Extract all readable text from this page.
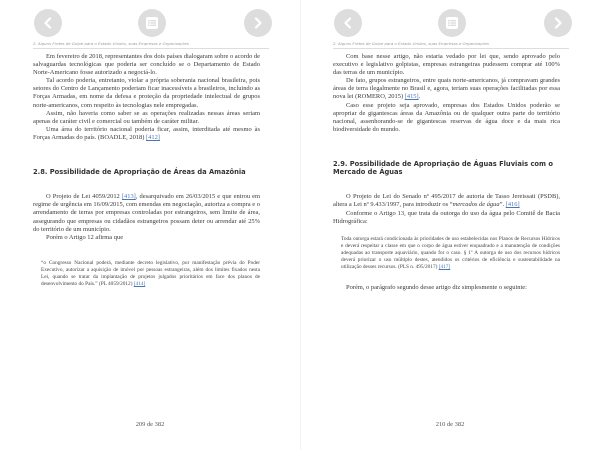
2. Alguns Fretes de Golpe para o Estado Unidos, suas Empresas e Organizações

Em fevereiro de 2018, representantes dos dois países dialogaram sobre o acordo de salvaguardas tecnológicas que poderia ser concluído se o Departamento de Estado Norte-Americano fosse autorizado a negociá-lo.

Tal acordo poderia, entretanto, violar a própria soberania nacional brasileira, pois setores do Centro de Lançamento poderiam ficar inacessíveis a brasileiros, incluindo as Forças Armadas, em nome da defesa e proteção da propriedade intelectual de grupos norte-americanos, com respeito às tecnologias nele empregadas.

Assim, não haveria como saber se as operações realizadas nessas áreas seriam apenas de caráter civil e comercial ou também de caráter militar.

Uma área do território nacional poderia ficar, assim, interditada até mesmo às Forças Armadas do país. (BOADLE, 2018) [412]

2.8. Possibilidade de Apropriação de Áreas da Amazônia

O Projeto de Lei 4059/2012 [413], desarquivado em 26/03/2015 e que entrou em regime de urgência em 16/09/2015, com emendas em negociação, autoriza a compra e o arrendamento de terras por empresas controladas por estrangeiros, sem limite de área, assegurando que empresas ou cidadãos estrangeiros possam deter ou arrendar até 25% do território de um município.

Porém o Artigo 12 afirma que

“o Congresso Nacional poderá, mediante decreto legislativo, por manifestação prévia do Poder Executivo, autorizar a aquisição de imóvel por pessoas estrangeiras, além dos limites fixados nesta Lei, quando se tratar da implantação de projetos julgados prioritários em face dos planos de desenvolvimento do País.” (PL 4059/2012) [414]

209 de 382
2. Alguns Fretes de Golpe para o Estado Unidos, suas Empresas e Organizações

Com base nesse artigo, não estaria vedado por lei que, sendo aprovado pelo executivo e legislativo golpistas, empresas estrangeiras pudessem comprar até 100% das terras de um município.

De fato, grupos estrangeiros, entre quais norte-americanos, já compravam grandes áreas de terra ilegalmente no Brasil e, agora, teriam suas operações facilitadas por essa nova lei (ROMERO, 2015) [415].

Caso esse projeto seja aprovado, empresas dos Estados Unidos poderão se apropriar de gigantescas áreas da Amazônia ou de qualquer outra parte do território nacional, assenhorando-se de gigantescas reservas de água doce e da mais rica biodiversidade do mundo.

2.9. Possibilidade de Apropriação de Águas Fluviais com o Mercado de Águas

O Projeto de Lei do Senado nº 495/2017 de autoria de Tasso Jereissati (PSDB), altera a Lei nº 9.433/1997, para introduzir os “mercados de água”. [416]

Conforme o Artigo 13, que trata da outorga do uso da água pelo Comitê de Bacia Hidrográfica:

Toda outorga estará condicionada às prioridades de uso estabelecidas nos Planos de Recursos Hídricos e deverá respeitar a classe em que o corpo de água estiver enquadrado e a manutenção de condições adequadas ao transporte aquaviário, quando for o caso. § 1º A outorga de uso dos recursos hídricos deverá priorizar o uso múltiplo destes, atendidos os critérios de eficiência e sustentabilidade na utilização desses recursos. (PLS n. 495/2017) [417]

Porém, o parágrafo segundo desse artigo diz simplesmente o seguinte:

210 de 382
